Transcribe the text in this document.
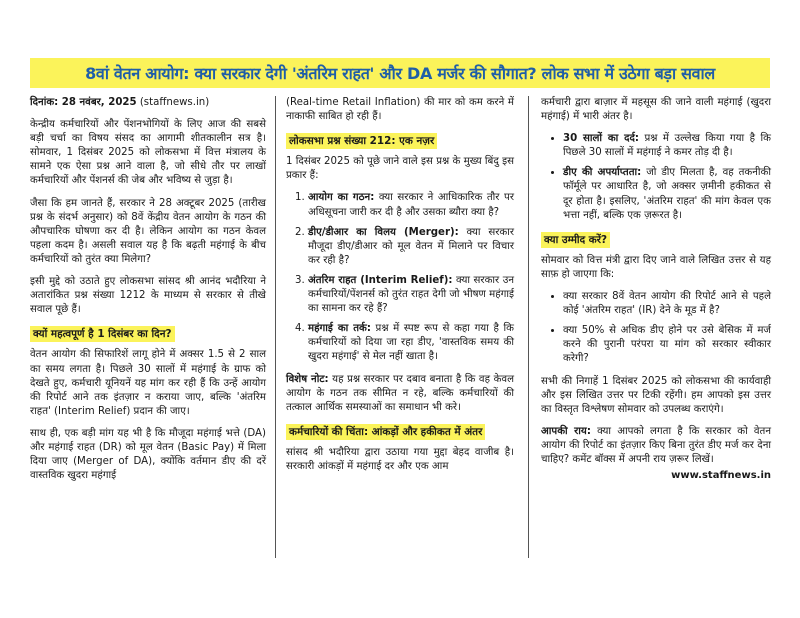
8वां वेतन आयोग: क्या सरकार देगी 'अंतरिम राहत' और DA मर्जर की सौगात? लोक सभा में उठेगा बड़ा सवाल

दिनांक: 28 नवंबर, 2025 (staffnews.in)

केन्द्रीय कर्मचारियों और पेंशनभोगियों के लिए आज की सबसे बड़ी चर्चा का विषय संसद का आगामी शीतकालीन सत्र है। सोमवार, 1 दिसंबर 2025 को लोकसभा में वित्त मंत्रालय के सामने एक ऐसा प्रश्न आने वाला है, जो सीधे तौर पर लाखों कर्मचारियों और पेंशनर्स की जेब और भविष्य से जुड़ा है।

जैसा कि हम जानते हैं, सरकार ने 28 अक्टूबर 2025 (तारीख प्रश्न के संदर्भ अनुसार) को 8वें केंद्रीय वेतन आयोग के गठन की औपचारिक घोषणा कर दी है। लेकिन आयोग का गठन केवल पहला कदम है। असली सवाल यह है कि बढ़ती महंगाई के बीच कर्मचारियों को तुरंत क्या मिलेगा?

इसी मुद्दे को उठाते हुए लोकसभा सांसद श्री आनंद भदौरिया ने अतारांकित प्रश्न संख्या 1212 के माध्यम से सरकार से तीखे सवाल पूछे हैं।

क्यों महत्वपूर्ण है 1 दिसंबर का दिन?

वेतन आयोग की सिफारिशें लागू होने में अक्सर 1.5 से 2 साल का समय लगता है। पिछले 30 सालों में महंगाई के ग्राफ को देखते हुए, कर्मचारी यूनियनें यह मांग कर रही हैं कि उन्हें आयोग की रिपोर्ट आने तक इंतज़ार न कराया जाए, बल्कि 'अंतरिम राहत' (Interim Relief) प्रदान की जाए।

साथ ही, एक बड़ी मांग यह भी है कि मौजूदा महंगाई भत्ते (DA) और महंगाई राहत (DR) को मूल वेतन (Basic Pay) में मिला दिया जाए (Merger of DA), क्योंकि वर्तमान डीए की दरें वास्तविक खुदरा महंगाई

(Real-time Retail Inflation) की मार को कम करने में नाकाफी साबित हो रही हैं।

लोकसभा प्रश्न संख्या 212: एक नज़र

1 दिसंबर 2025 को पूछे जाने वाले इस प्रश्न के मुख्य बिंदु इस प्रकार हैं:

1. आयोग का गठन: क्या सरकार ने आधिकारिक तौर पर अधिसूचना जारी कर दी है और उसका ब्यौरा क्या है?
2. डीए/डीआर का विलय (Merger): क्या सरकार मौजूदा डीए/डीआर को मूल वेतन में मिलाने पर विचार कर रही है?
3. अंतरिम राहत (Interim Relief): क्या सरकार उन कर्मचारियों/पेंशनर्स को तुरंत राहत देगी जो भीषण महंगाई का सामना कर रहे हैं?
4. महंगाई का तर्क: प्रश्न में स्पष्ट रूप से कहा गया है कि कर्मचारियों को दिया जा रहा डीए, 'वास्तविक समय की खुदरा महंगाई' से मेल नहीं खाता है।

विशेष नोट: यह प्रश्न सरकार पर दबाव बनाता है कि वह केवल आयोग के गठन तक सीमित न रहे, बल्कि कर्मचारियों की तत्काल आर्थिक समस्याओं का समाधान भी करे।

कर्मचारियों की चिंता: आंकड़ों और हकीकत में अंतर

सांसद श्री भदौरिया द्वारा उठाया गया मुद्दा बेहद वाजीब है। सरकारी आंकड़ों में महंगाई दर और एक आम

कर्मचारी द्वारा बाज़ार में महसूस की जाने वाली महंगाई (खुदरा महंगाई) में भारी अंतर है।

• 30 सालों का दर्द: प्रश्न में उल्लेख किया गया है कि पिछले 30 सालों में महंगाई ने कमर तोड़ दी है।
• डीए की अपर्याप्तता: जो डीए मिलता है, वह तकनीकी फॉर्मूले पर आधारित है, जो अक्सर ज़मीनी हकीकत से दूर होता है। इसलिए, 'अंतरिम राहत' की मांग केवल एक भत्ता नहीं, बल्कि एक ज़रूरत है।
क्या उम्मीद करें?

सोमवार को वित्त मंत्री द्वारा दिए जाने वाले लिखित उत्तर से यह साफ़ हो जाएगा कि:

• क्या सरकार 8वें वेतन आयोग की रिपोर्ट आने से पहले कोई 'अंतरिम राहत' (IR) देने के मूड में है?
• क्या 50% से अधिक डीए होने पर उसे बेसिक में मर्ज करने की पुरानी परंपरा या मांग को सरकार स्वीकार करेगी?

सभी की निगाहें 1 दिसंबर 2025 को लोकसभा की कार्यवाही और इस लिखित उत्तर पर टिकी रहेंगी। हम आपको इस उत्तर का विस्तृत विश्लेषण सोमवार को उपलब्ध कराएंगे।

आपकी राय: क्या आपको लगता है कि सरकार को वेतन आयोग की रिपोर्ट का इंतज़ार किए बिना तुरंत डीए मर्ज कर देना चाहिए? कमेंट बॉक्स में अपनी राय ज़रूर लिखें।

www.staffnews.in
